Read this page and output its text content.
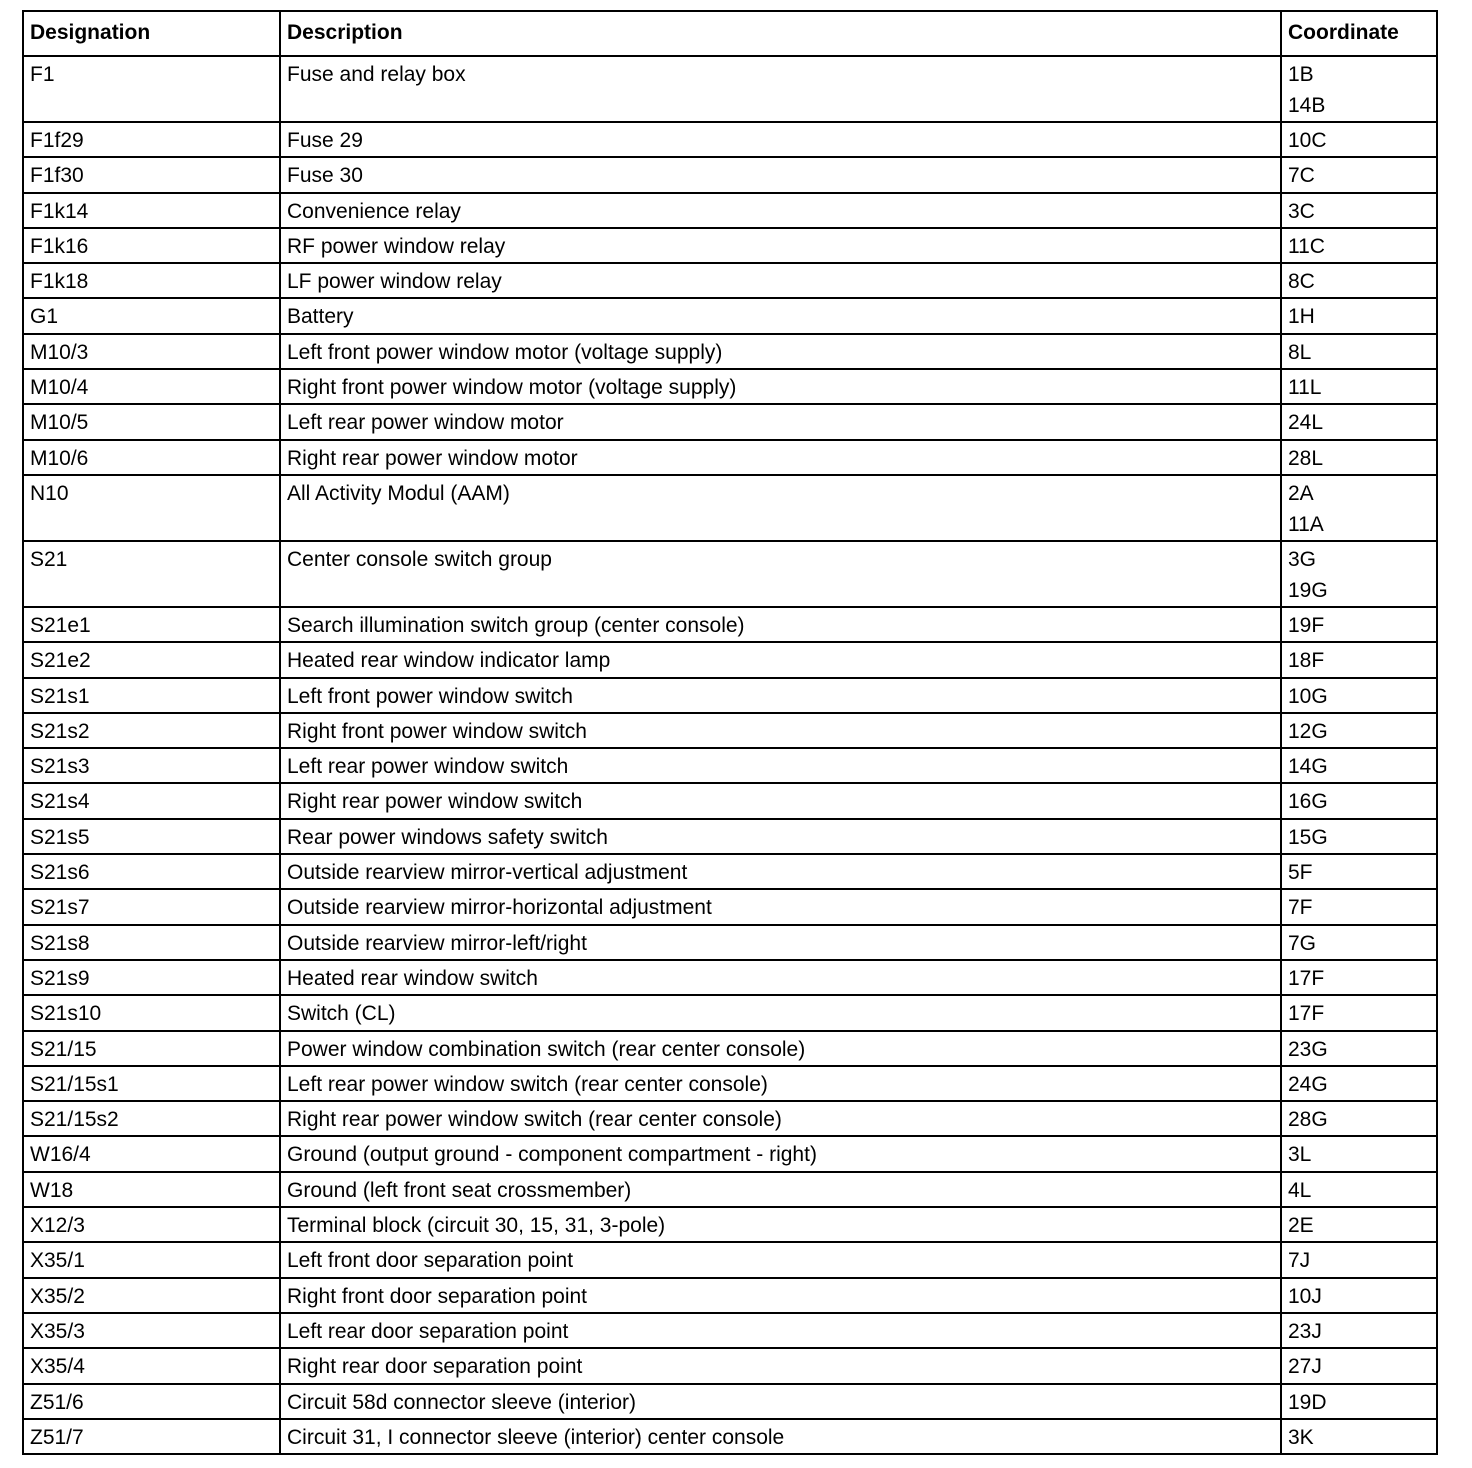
Designation	Description	Coordinate
F1	Fuse and relay box	1B
14B

F1f29	Fuse 29	10C

F1f30	Fuse 30	7C

F1k14	Convenience relay	3C

F1k16	RF power window relay	11C

F1k18	LF power window relay	8C

G1	Battery	1H

M10/3	Left front power window motor (voltage supply)	8L

M10/4	Right front power window motor (voltage supply)	11L

M10/5	Left rear power window motor	24L

M10/6	Right rear power window motor	28L

N10	All Activity Modul (AAM)	2A
11A

S21	Center console switch group	3G
19G

S21e1	Search illumination switch group (center console)	19F

S21e2	Heated rear window indicator lamp	18F

S21s1	Left front power window switch	10G

S21s2	Right front power window switch	12G

S21s3	Left rear power window switch	14G

S21s4	Right rear power window switch	16G

S21s5	Rear power windows safety switch	15G

S21s6	Outside rearview mirror-vertical adjustment	5F

S21s7	Outside rearview mirror-horizontal adjustment	7F

S21s8	Outside rearview mirror-left/right	7G

S21s9	Heated rear window switch	17F

S21s10	Switch (CL)	17F

S21/15	Power window combination switch (rear center console)	23G

S21/15s1	Left rear power window switch (rear center console)	24G

S21/15s2	Right rear power window switch (rear center console)	28G

W16/4	Ground (output ground - component compartment - right)	3L

W18	Ground (left front seat crossmember)	4L

X12/3	Terminal block (circuit 30, 15, 31, 3-pole)	2E

X35/1	Left front door separation point	7J

X35/2	Right front door separation point	10J

X35/3	Left rear door separation point	23J

X35/4	Right rear door separation point	27J

Z51/6	Circuit 58d connector sleeve (interior)	19D

Z51/7	Circuit 31, I connector sleeve (interior) center console	3K
